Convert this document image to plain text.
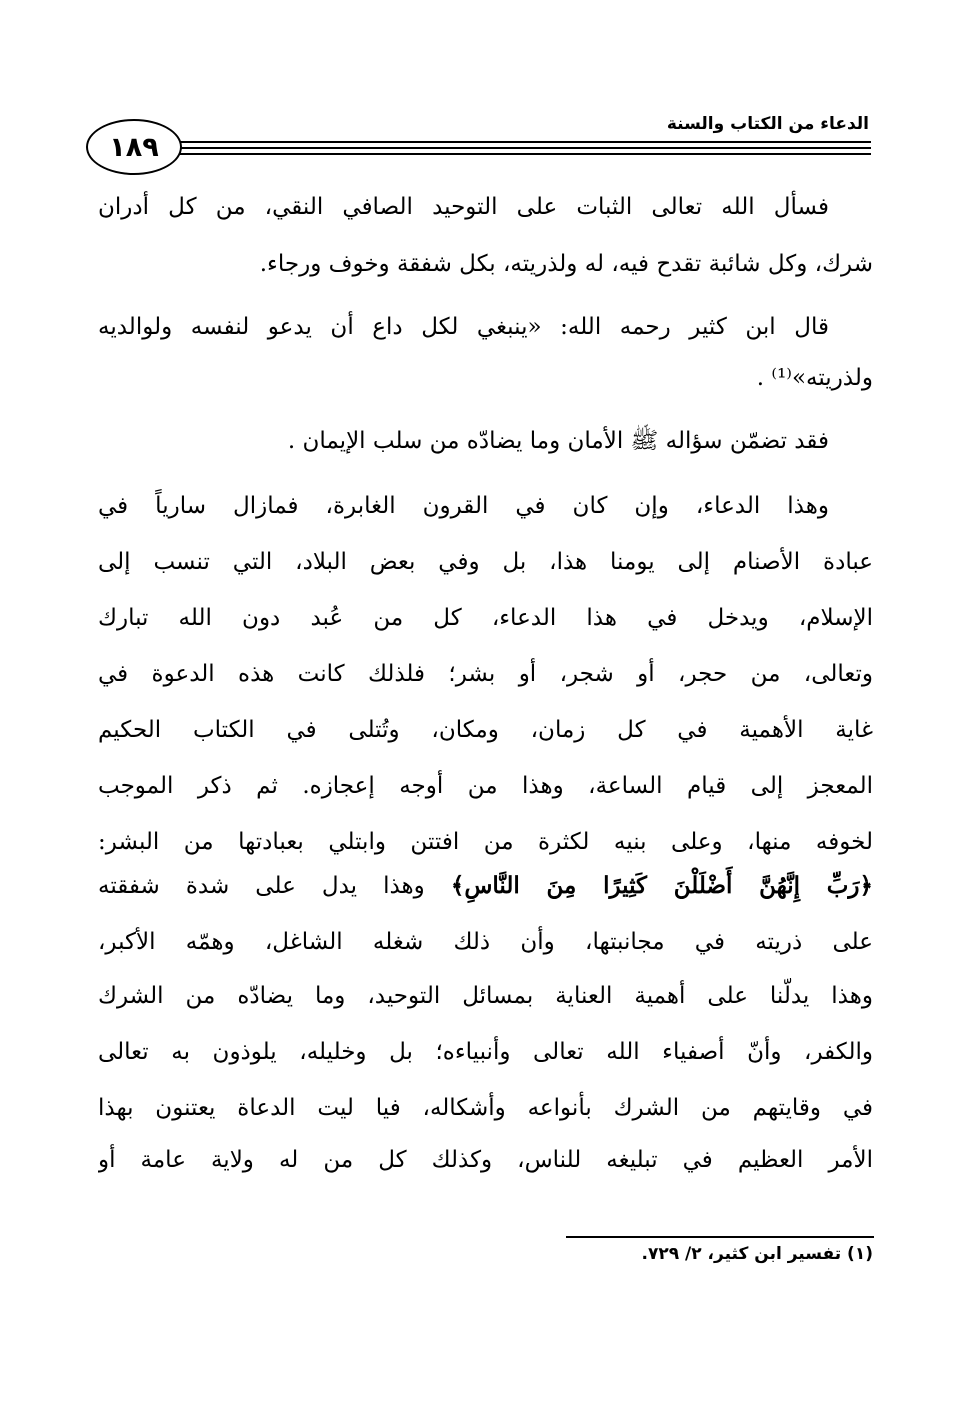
الدعاء من الكتاب والسنة
١٨٩
فسأل الله تعالى الثبات على التوحيد الصافي النقي، من كل أدران
شرك، وكل شائبة تقدح فيه، له ولذريته، بكل شفقة وخوف ورجاء.
قال ابن كثير رحمه الله: «ينبغي لكل داع أن يدعو لنفسه ولوالديه
ولذريته»⁽¹⁾ .
فقد تضمّن سؤاله ﷺ الأمان وما يضادّه من سلب الإيمان .
وهذا الدعاء، وإن كان في القرون الغابرة، فمازال سارياً في
عبادة الأصنام إلى يومنا هذا، بل وفي بعض البلاد، التي تنسب إلى
الإسلام، ويدخل في هذا الدعاء، كل من عُبد دون الله تبارك
وتعالى، من حجر، أو شجر، أو بشر؛ فلذلك كانت هذه الدعوة في
غاية الأهمية في كل زمان، ومكان، وتُتلى في الكتاب الحكيم
المعجز إلى قيام الساعة، وهذا من أوجه إعجازه. ثم ذكر الموجب
لخوفه منها، وعلى بنيه لكثرة من افتتن وابتلي بعبادتها من البشر:
﴿رَبِّ إِنَّهُنَّ أَضْلَلْنَ كَثِيرًا مِنَ النَّاسِ﴾ وهذا يدل على شدة شفقته
على ذريته في مجانبتها، وأن ذلك شغله الشاغل، وهمّه الأكبر،
وهذا يدلّنا على أهمية العناية بمسائل التوحيد، وما يضادّه من الشرك
والكفر، وأنّ أصفياء الله تعالى وأنبياءه؛ بل وخليله، يلوذون به تعالى
في وقايتهم من الشرك بأنواعه وأشكاله، فيا ليت الدعاة يعتنون بهذا
الأمر العظيم في تبليغه للناس، وكذلك كل من له ولاية عامة أو
(١) تفسير ابن كثير، ٢/ ٧٢٩.
